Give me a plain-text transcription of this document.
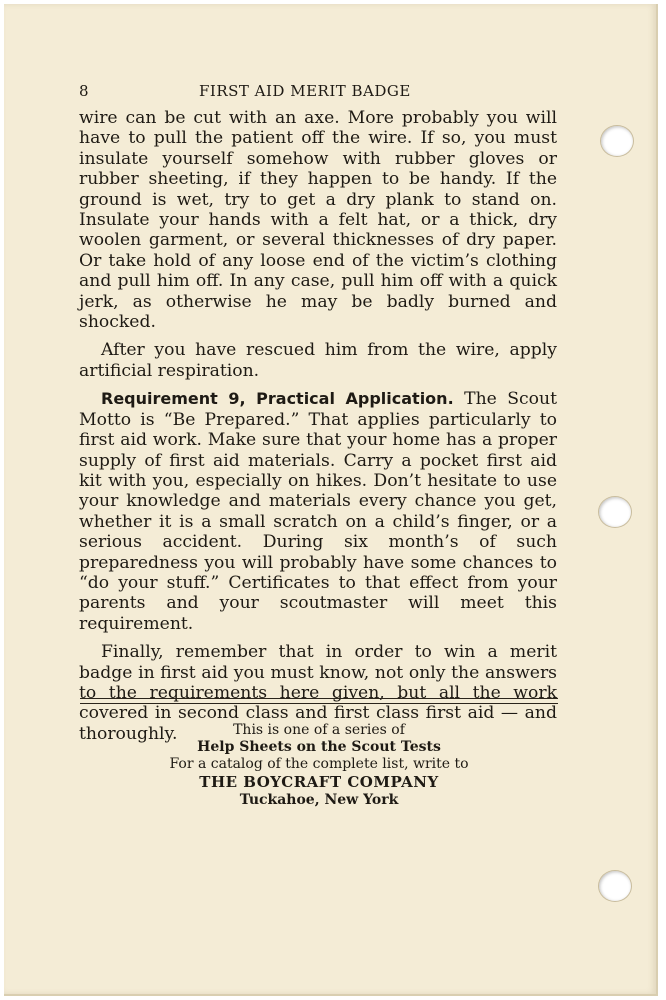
8	FIRST AID MERIT BADGE

wire can be cut with an axe. More probably you will have to pull the patient off the wire. If so, you must insulate yourself somehow with rubber gloves or rubber sheeting, if they happen to be handy. If the ground is wet, try to get a dry plank to stand on. Insulate your hands with a felt hat, or a thick, dry woolen garment, or several thicknesses of dry paper. Or take hold of any loose end of the victim’s clothing and pull him off. In any case, pull him off with a quick jerk, as otherwise he may be badly burned and shocked.

After you have rescued him from the wire, apply artificial respiration.

Requirement 9, Practical Application. The Scout Motto is “Be Prepared.” That applies particularly to first aid work. Make sure that your home has a proper supply of first aid materials. Carry a pocket first aid kit with you, especially on hikes. Don’t hesitate to use your knowledge and materials every chance you get, whether it is a small scratch on a child’s finger, or a serious accident. During six month’s of such preparedness you will probably have some chances to “do your stuff.” Certificates to that effect from your parents and your scoutmaster will meet this requirement.

Finally, remember that in order to win a merit badge in first aid you must know, not only the answers to the requirements here given, but all the work covered in second class and first class first aid — and thoroughly.	This is one of a series of
Help Sheets on the Scout Tests
For a catalog of the complete list, write to
THE BOYCRAFT COMPANY
Tuckahoe, New York
